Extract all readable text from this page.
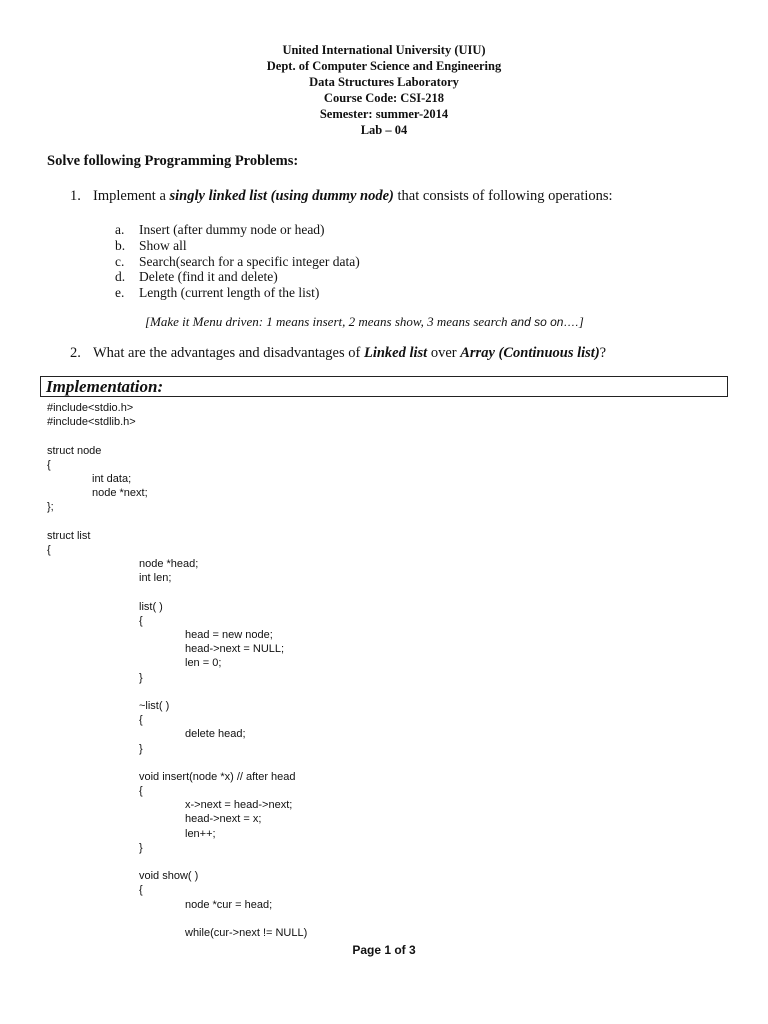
United International University (UIU)
Dept. of Computer Science and Engineering
Data Structures Laboratory
Course Code: CSI-218
Semester: summer-2014
Lab – 04
Solve following Programming Problems:
1. Implement a singly linked list (using dummy node) that consists of following operations:
a. Insert (after dummy node or head)
b. Show all
c. Search(search for a specific integer data)
d. Delete (find it and delete)
e. Length (current length of the list)
[Make it Menu driven: 1 means insert, 2 means show, 3 means search and so on….]
2. What are the advantages and disadvantages of Linked list over Array (Continuous list)?
Implementation:
#include<stdio.h>
#include<stdlib.h>
struct node
{
int data;
node *next;
};
struct list
{
node *head;
int len;
list( )
{
head = new node;
head->next = NULL;
len = 0;
}
~list( )
{
delete head;
}
void insert(node *x) // after head
{
x->next = head->next;
head->next = x;
len++;
}
void show( )
{
node *cur = head;
while(cur->next != NULL)
Page 1 of 3
